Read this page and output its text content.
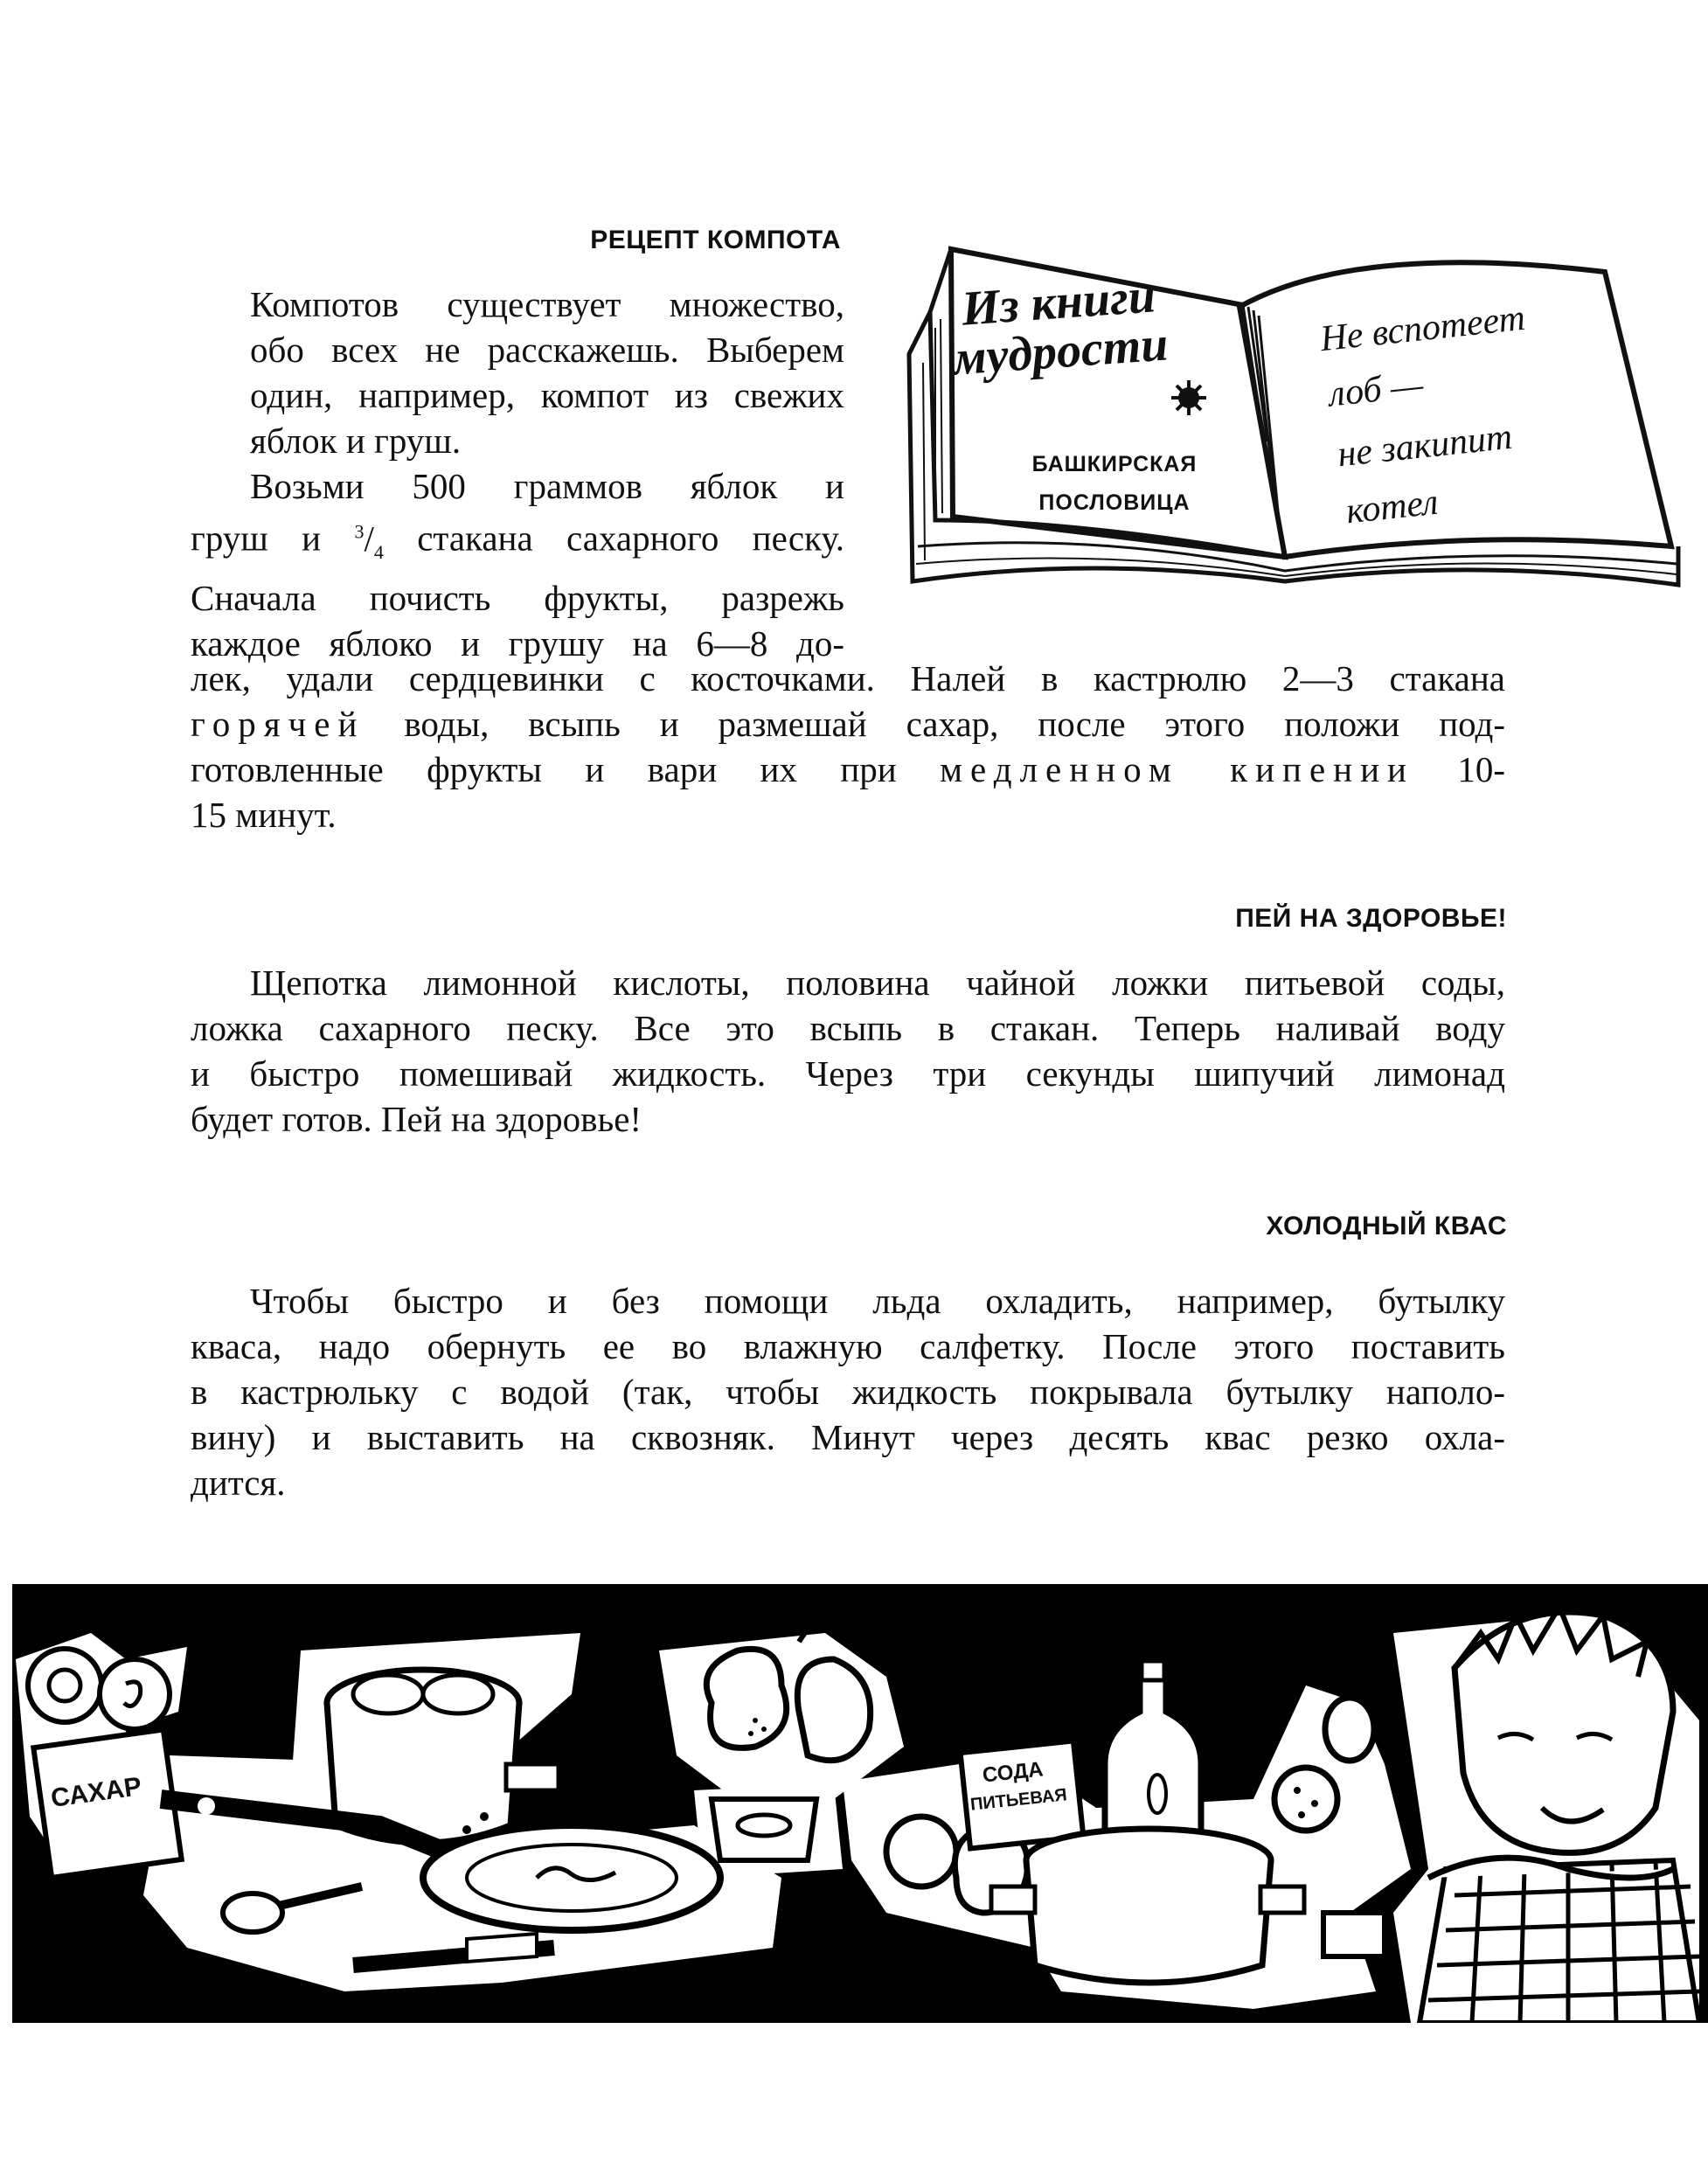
РЕЦЕПТ КОМПОТА

Компотов существует множество,
обо всех не расскажешь. Выберем
один, например, компот из свежих
яблок и груш.

Возьми 500 граммов яблок и
груш и $^3/_4$ стакана сахарного песку.
Сначала почисть фрукты, разрежь
каждое яблоко и грушу на 6—8 до-

лек, удали сердцевинки с косточками. Налей в кастрюлю 2—3 стакана
горячей воды, всыпь и размешай сахар, после этого положи под-
готовленные фрукты и вари их при медленном кипении 10-
15 минут.

Из книги
мудрости
БАШКИРСКАЯ
ПОСЛОВИЦА
Не вспотеет
лоб —
не закипит
котел
ПЕЙ НА ЗДОРОВЬЕ!

Щепотка лимонной кислоты, половина чайной ложки питьевой соды,
ложка сахарного песку. Все это всыпь в стакан. Теперь наливай воду
и быстро помешивай жидкость. Через три секунды шипучий лимонад
будет готов. Пей на здоровье!

ХОЛОДНЫЙ КВАС

Чтобы быстро и без помощи льда охладить, например, бутылку
кваса, надо обернуть ее во влажную салфетку. После этого поставить
в кастрюльку с водой (так, чтобы жидкость покрывала бутылку наполо-
вину) и выставить на сквозняк. Минут через десять квас резко охла-
дится.

САХАР	СОДА
ПИТЬЕВАЯ
